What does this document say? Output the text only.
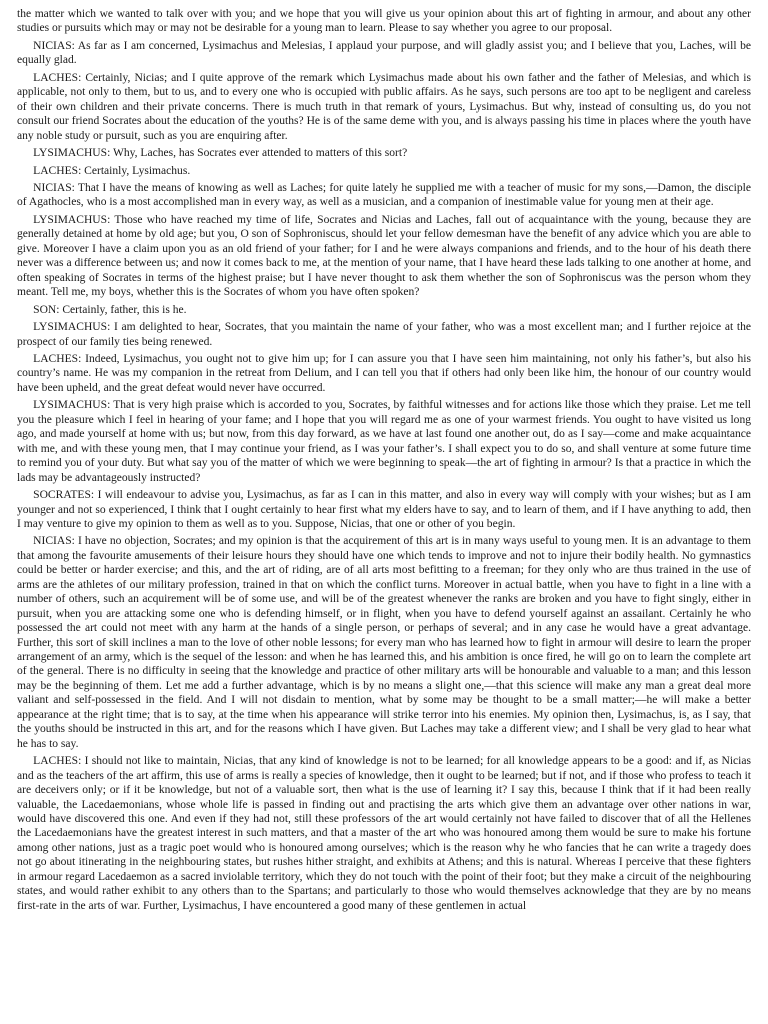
the matter which we wanted to talk over with you; and we hope that you will give us your opinion about this art of fighting in armour, and about any other studies or pursuits which may or may not be desirable for a young man to learn. Please to say whether you agree to our proposal.

NICIAS: As far as I am concerned, Lysimachus and Melesias, I applaud your purpose, and will gladly assist you; and I believe that you, Laches, will be equally glad.

LACHES: Certainly, Nicias; and I quite approve of the remark which Lysimachus made about his own father and the father of Melesias, and which is applicable, not only to them, but to us, and to every one who is occupied with public affairs. As he says, such persons are too apt to be negligent and careless of their own children and their private concerns. There is much truth in that remark of yours, Lysimachus. But why, instead of consulting us, do you not consult our friend Socrates about the education of the youths? He is of the same deme with you, and is always passing his time in places where the youth have any noble study or pursuit, such as you are enquiring after.

LYSIMACHUS: Why, Laches, has Socrates ever attended to matters of this sort?

LACHES: Certainly, Lysimachus.

NICIAS: That I have the means of knowing as well as Laches; for quite lately he supplied me with a teacher of music for my sons,—Damon, the disciple of Agathocles, who is a most accomplished man in every way, as well as a musician, and a companion of inestimable value for young men at their age.

LYSIMACHUS: Those who have reached my time of life, Socrates and Nicias and Laches, fall out of acquaintance with the young, because they are generally detained at home by old age; but you, O son of Sophroniscus, should let your fellow demesman have the benefit of any advice which you are able to give. Moreover I have a claim upon you as an old friend of your father; for I and he were always companions and friends, and to the hour of his death there never was a difference between us; and now it comes back to me, at the mention of your name, that I have heard these lads talking to one another at home, and often speaking of Socrates in terms of the highest praise; but I have never thought to ask them whether the son of Sophroniscus was the person whom they meant. Tell me, my boys, whether this is the Socrates of whom you have often spoken?

SON: Certainly, father, this is he.

LYSIMACHUS: I am delighted to hear, Socrates, that you maintain the name of your father, who was a most excellent man; and I further rejoice at the prospect of our family ties being renewed.

LACHES: Indeed, Lysimachus, you ought not to give him up; for I can assure you that I have seen him maintaining, not only his father’s, but also his country’s name. He was my companion in the retreat from Delium, and I can tell you that if others had only been like him, the honour of our country would have been upheld, and the great defeat would never have occurred.

LYSIMACHUS: That is very high praise which is accorded to you, Socrates, by faithful witnesses and for actions like those which they praise. Let me tell you the pleasure which I feel in hearing of your fame; and I hope that you will regard me as one of your warmest friends. You ought to have visited us long ago, and made yourself at home with us; but now, from this day forward, as we have at last found one another out, do as I say—come and make acquaintance with me, and with these young men, that I may continue your friend, as I was your father’s. I shall expect you to do so, and shall venture at some future time to remind you of your duty. But what say you of the matter of which we were beginning to speak—the art of fighting in armour? Is that a practice in which the lads may be advantageously instructed?

SOCRATES: I will endeavour to advise you, Lysimachus, as far as I can in this matter, and also in every way will comply with your wishes; but as I am younger and not so experienced, I think that I ought certainly to hear first what my elders have to say, and to learn of them, and if I have anything to add, then I may venture to give my opinion to them as well as to you. Suppose, Nicias, that one or other of you begin.

NICIAS: I have no objection, Socrates; and my opinion is that the acquirement of this art is in many ways useful to young men. It is an advantage to them that among the favourite amusements of their leisure hours they should have one which tends to improve and not to injure their bodily health. No gymnastics could be better or harder exercise; and this, and the art of riding, are of all arts most befitting to a freeman; for they only who are thus trained in the use of arms are the athletes of our military profession, trained in that on which the conflict turns. Moreover in actual battle, when you have to fight in a line with a number of others, such an acquirement will be of some use, and will be of the greatest whenever the ranks are broken and you have to fight singly, either in pursuit, when you are attacking some one who is defending himself, or in flight, when you have to defend yourself against an assailant. Certainly he who possessed the art could not meet with any harm at the hands of a single person, or perhaps of several; and in any case he would have a great advantage. Further, this sort of skill inclines a man to the love of other noble lessons; for every man who has learned how to fight in armour will desire to learn the proper arrangement of an army, which is the sequel of the lesson: and when he has learned this, and his ambition is once fired, he will go on to learn the complete art of the general. There is no difficulty in seeing that the knowledge and practice of other military arts will be honourable and valuable to a man; and this lesson may be the beginning of them. Let me add a further advantage, which is by no means a slight one,—that this science will make any man a great deal more valiant and self-possessed in the field. And I will not disdain to mention, what by some may be thought to be a small matter;—he will make a better appearance at the right time; that is to say, at the time when his appearance will strike terror into his enemies. My opinion then, Lysimachus, is, as I say, that the youths should be instructed in this art, and for the reasons which I have given. But Laches may take a different view; and I shall be very glad to hear what he has to say.

LACHES: I should not like to maintain, Nicias, that any kind of knowledge is not to be learned; for all knowledge appears to be a good: and if, as Nicias and as the teachers of the art affirm, this use of arms is really a species of knowledge, then it ought to be learned; but if not, and if those who profess to teach it are deceivers only; or if it be knowledge, but not of a valuable sort, then what is the use of learning it? I say this, because I think that if it had been really valuable, the Lacedaemonians, whose whole life is passed in finding out and practising the arts which give them an advantage over other nations in war, would have discovered this one. And even if they had not, still these professors of the art would certainly not have failed to discover that of all the Hellenes the Lacedaemonians have the greatest interest in such matters, and that a master of the art who was honoured among them would be sure to make his fortune among other nations, just as a tragic poet would who is honoured among ourselves; which is the reason why he who fancies that he can write a tragedy does not go about itinerating in the neighbouring states, but rushes hither straight, and exhibits at Athens; and this is natural. Whereas I perceive that these fighters in armour regard Lacedaemon as a sacred inviolable territory, which they do not touch with the point of their foot; but they make a circuit of the neighbouring states, and would rather exhibit to any others than to the Spartans; and particularly to those who would themselves acknowledge that they are by no means first-rate in the arts of war. Further, Lysimachus, I have encountered a good many of these gentlemen in actual
